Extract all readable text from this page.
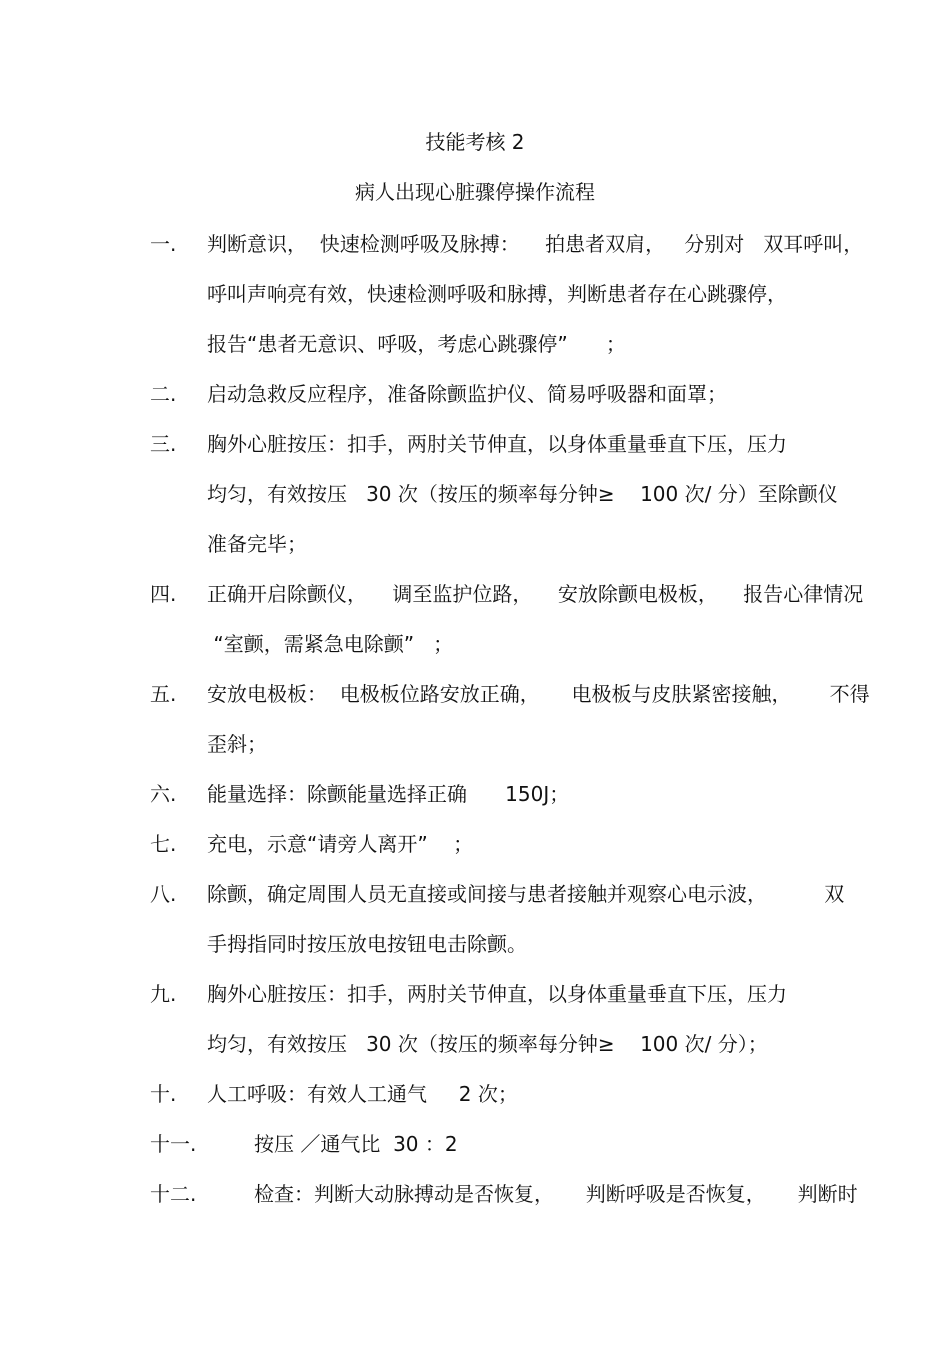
技能考核 2
病人出现心脏骤停操作流程
一. 判断意识，  快速检测呼吸及脉搏：    拍患者双肩，   分别对   双耳呼叫，
呼叫声响亮有效，快速检测呼吸和脉搏，判断患者存在心跳骤停，
报告“患者无意识、呼吸，考虑心跳骤停”      ；
二. 启动急救反应程序，准备除颤监护仪、简易呼吸器和面罩；
三. 胸外心脏按压：扣手，两肘关节伸直，以身体重量垂直下压，压力
均匀，有效按压   30 次（按压的频率每分钟≥    100 次/ 分）至除颤仪
准备完毕；
四. 正确开启除颤仪，    调至监护位路，    安放除颤电极板，    报告心律情况
“室颤，需紧急电除颤”   ；
五. 安放电极板：  电极板位路安放正确，     电极板与皮肤紧密接触，      不得
歪斜；
六. 能量选择：除颤能量选择正确      150J；
七. 充电，示意“请旁人离开”    ；
八. 除颤，确定周围人员无直接或间接与患者接触并观察心电示波，         双
手拇指同时按压放电按钮电击除颤。
九. 胸外心脏按压：扣手，两肘关节伸直，以身体重量垂直下压，压力
均匀，有效按压   30 次（按压的频率每分钟≥    100 次/ 分）；
十. 人工呼吸：有效人工通气     2 次；
十一.	按压 ／通气比  30 ：2
十二.	检查：判断大动脉搏动是否恢复，     判断呼吸是否恢复，     判断时
